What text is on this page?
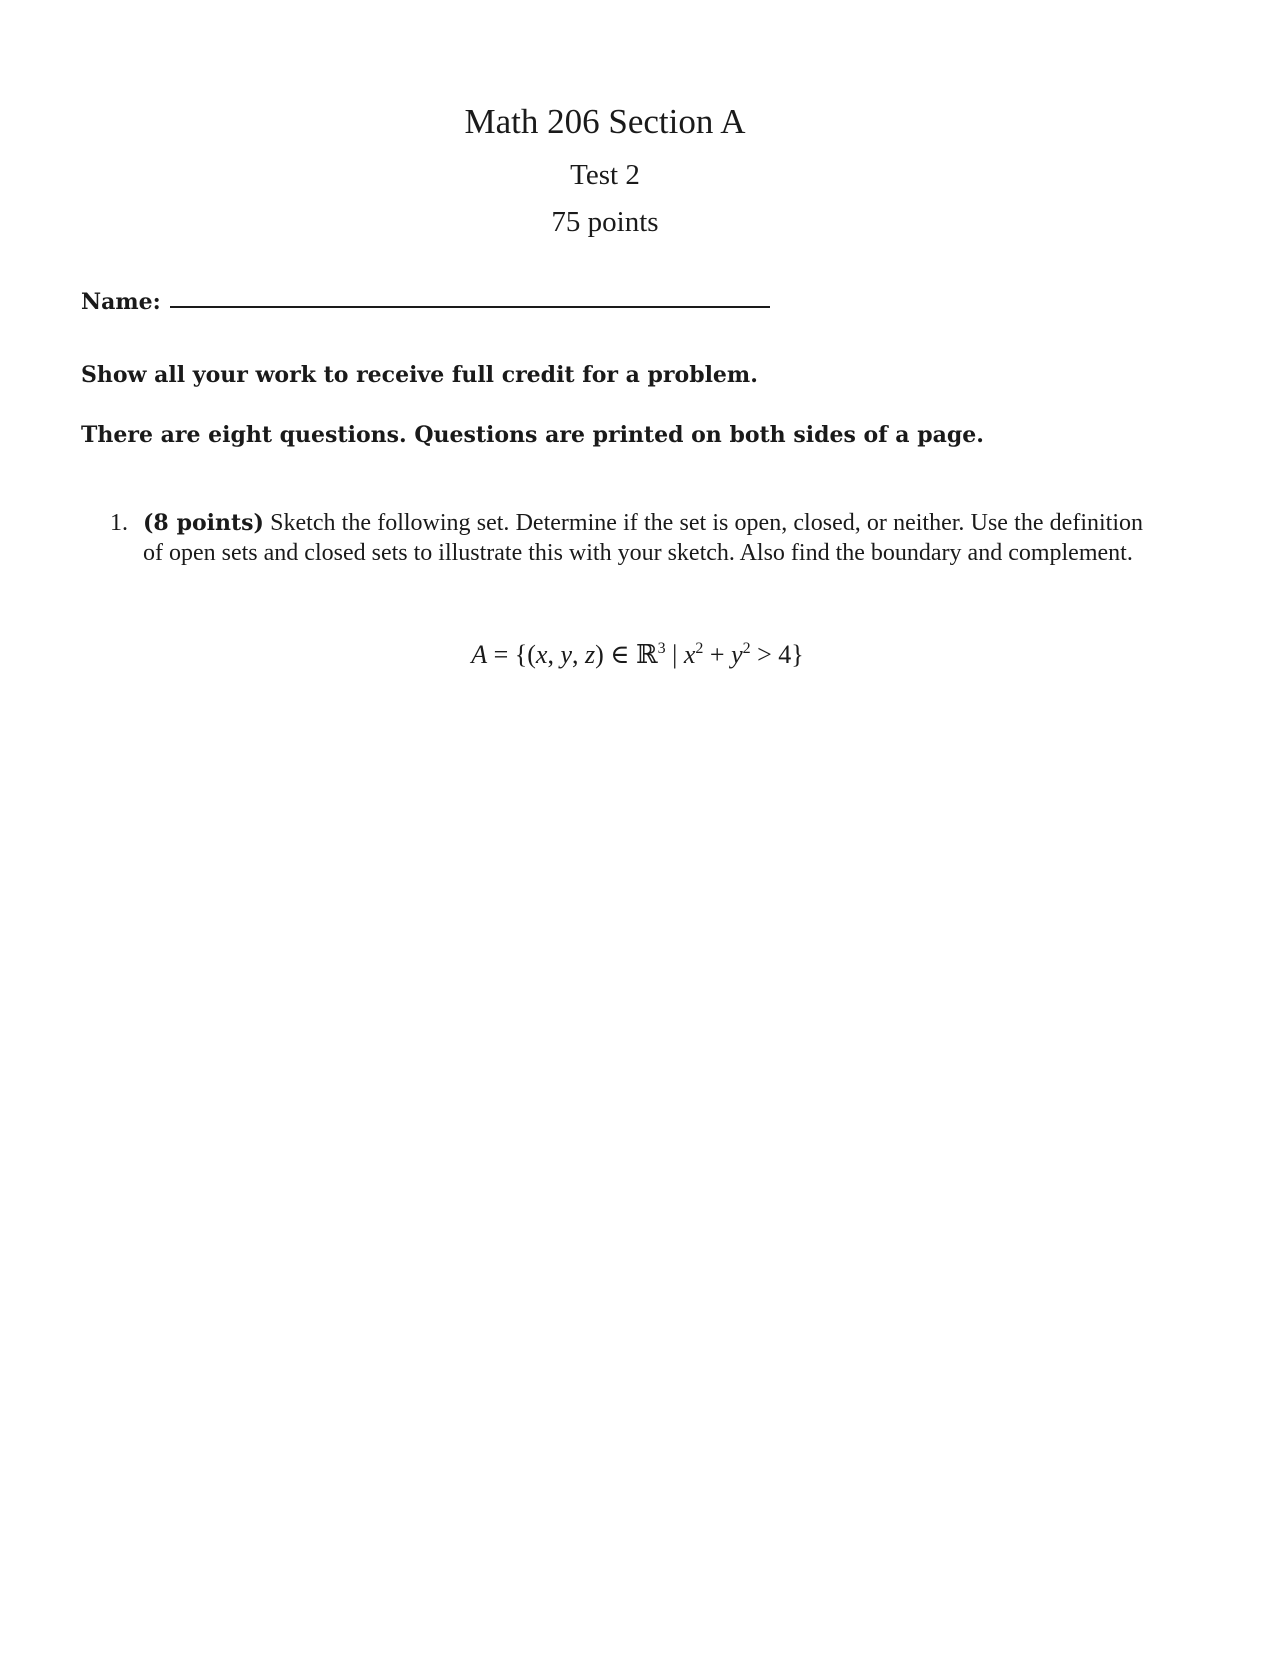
Math 206 Section A
Test 2
75 points
Name:
Show all your work to receive full credit for a problem.
There are eight questions. Questions are printed on both sides of a page.
1. (8 points) Sketch the following set. Determine if the set is open, closed, or neither. Use the definition of open sets and closed sets to illustrate this with your sketch. Also find the boundary and complement.
A = {(x, y, z) ∈ ℝ$^3$ | $x^2 + y^2 > 4$}
